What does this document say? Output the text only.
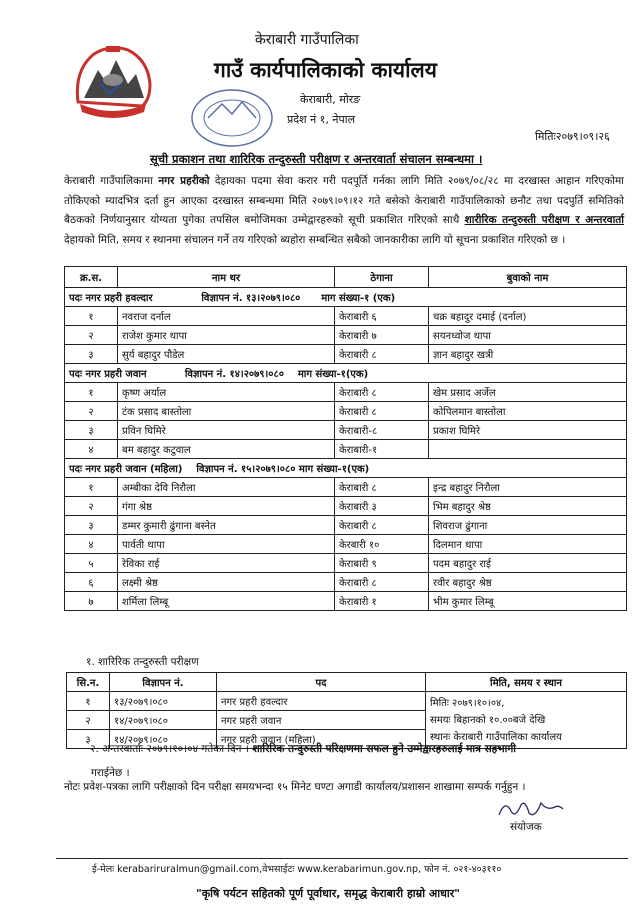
केराबारी गाउँपालिका
गाउँ कार्यपालिकाको कार्यालय
केराबारी, मोरङ
प्रदेश नं १, नेपाल
मितिः२०७९।०९।२६
सूची प्रकाशन तथा शारिरिक तन्दुरुस्ती परीक्षण र अन्तरवार्ता संचालन सम्बन्धमा ।
केराबारी गाउँपालिकामा नगर प्रहरीको देहायका पदमा सेवा करार गरी पदपूर्ति गर्नका लागि मिति २०७९/०८/२८ मा दरखास्त आहान गरिएकोमा तोकिएको म्यादभित्र दर्ता हुन आएका दरखास्त सम्बन्धमा मिति २०७९।०९।१२ गते बसेको केराबारी गाउँपालिकाको छनौट तथा पदपुर्ति समितिको बैठकको निर्णयानुसार योग्यता पुगेका तपसिल बमोजिमका उम्मेद्वारहरुको सूची प्रकाशित गरिएको साथै शारीरिक तन्दुरुस्ती परीक्षण र अन्तरवार्ता देहायको मिति, समय र स्थानमा संचालन गर्ने तय गरिएको ब्यहोरा सम्बन्धित सबैको जानकारीका लागि यो सूचना प्रकाशित गरिएको छ ।
क्र.स.	नाम थर	ठेगाना	बुवाको नाम
पदः नगर प्रहरी हवल्दार              विज्ञापन नं. १३।२०७९।०८०      माग संख्या-१ (एक)			
१	नवराज दर्नाल	केराबारी ६	चक्र बहादुर दमाई (दर्नाल)
२	राजेश कुमार थापा	केराबारी ७	सयनध्वोज थापा
३	सुर्य बहादुर पौडेल	केराबारी ८	ज्ञान बहादुर खत्री
पदः नगर प्रहरी जवान           विज्ञापन नं. १४।२०७९।०८०    माग संख्या-१(एक)			
१	कृष्ण अर्याल	केराबारी ८	खेम प्रसाद अर्जेल
२	टंक प्रसाद बास्तोला	केराबारी ८	कोपिलमान बास्तोला
३	प्रविन घिमिरे	केराबारी-८	प्रकाश घिमिरे
४	बम बहादुर कटुवाल	केराबारी-१	
पदः नगर प्रहरी जवान (महिला)    विज्ञापन नं. १५।२०७९।०८० माग संख्या-१(एक)			
१	अम्बीका देवि निरौला	केराबारी ८	इन्द्र बहादुर निरौला
२	गंगा श्रेष्ठ	केराबारी ३	भिम बहादुर श्रेष्ठ
३	डम्मर कुमारी ढुंगाना बस्नेत	केराबारी ८	शिवराज ढुंगाना
४	पार्वती थापा	केरबारी १०	दिलमान थापा
५	रेविका राई	केराबारी ९	पदम बहादुर राई
६	लक्ष्मी श्रेष्ठ	केराबारी ८	रवीर बहादुर श्रेष्ठ
७	शर्मिला लिम्बू	केराबारी १	भीम कुमार लिम्बू
१. शारिरिक तन्दुरुस्ती परीक्षण
सि.न.	विज्ञापन नं.	पद	मिति, समय र स्थान
१	१३/२०७९।०८०	नगर प्रहरी हवल्दार	मितिः २०७९।१०।०४,
समयः बिहानको १०.००बजे देखि
स्थानः केराबारी गाउँपालिका कार्यालय

२	१४/२०७९।०८०	नगर प्रहरी जवान	
३	१४/२०७९।०८०	नगर प्रहरी जवान (महिला)	
२. अन्तरवार्ताः २०७९।१०।०४ गतेका दिन । शारिरिक तन्दुरुस्ती परिक्षणमा सफल हुने उम्मेद्वारहरुलाई मात्र सहभागी
गराईनेछ ।
नोटः प्रवेश-पत्रका लागि परीक्षाको दिन परीक्षा समयभन्दा १५ मिनेट घण्टा अगाडी कार्यालय/प्रशासन शाखामा सम्पर्क गर्नुहुन ।
संयोजक
ई-मेलः kerabariruralmun@gmail.com,वेभसाईटः www.kerabarimun.gov.np, फोन नं. ०२१-४०३११०
"कृषि पर्यटन सहितको पूर्ण पूर्वाधार, समृद्ध केराबारी हाम्रो आधार"
